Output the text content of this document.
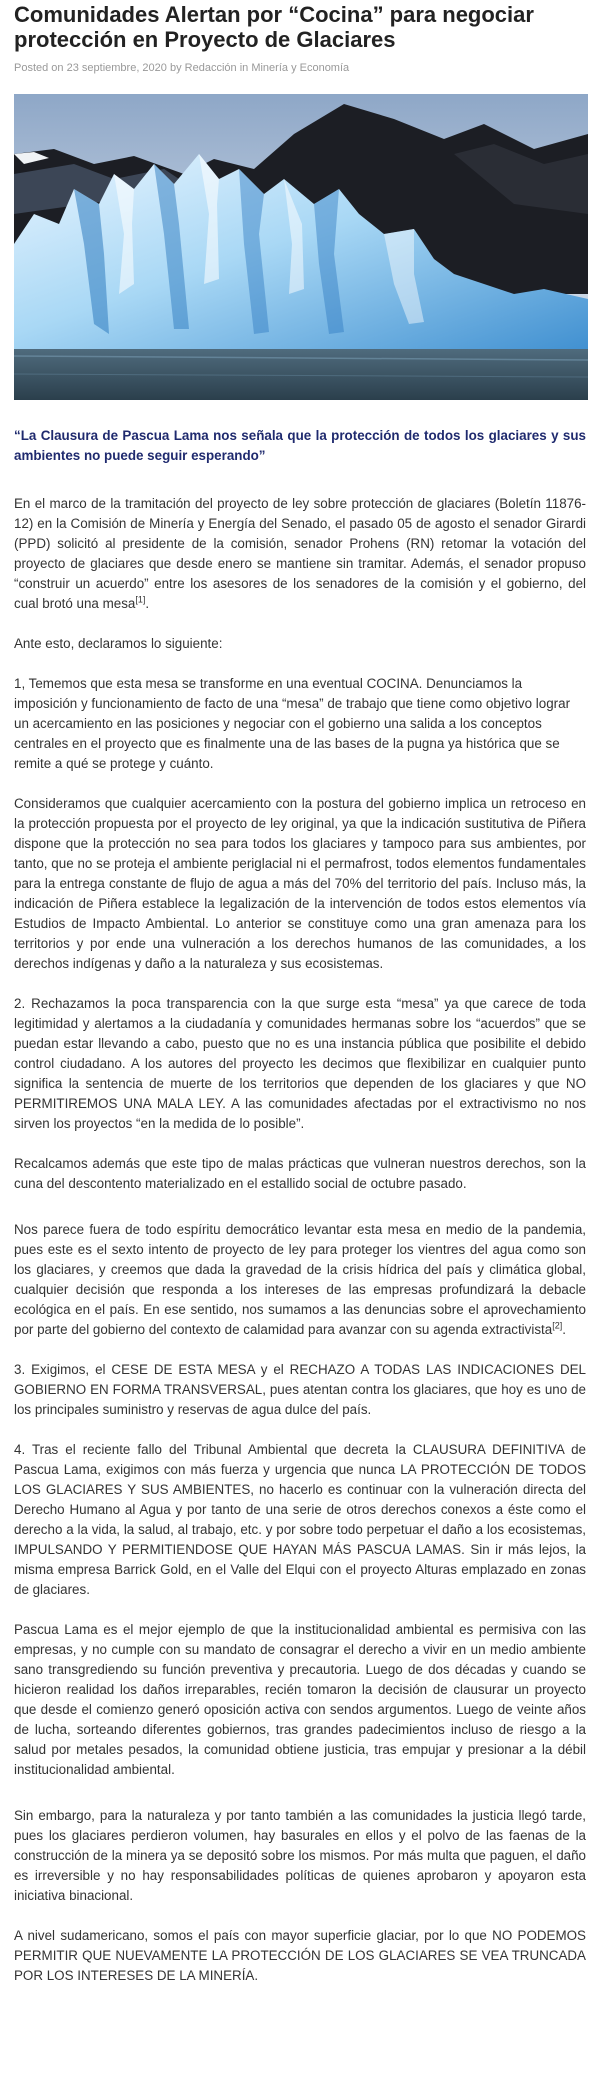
Comunidades Alertan por “Cocina” para negociar protección en Proyecto de Glaciares
Posted on 23 septiembre, 2020 by Redacción in Minería y Economía

“La Clausura de Pascua Lama nos señala que la protección de todos los glaciares y sus ambientes no puede seguir esperando”

En el marco de la tramitación del proyecto de ley sobre protección de glaciares (Boletín 11876-12) en la Comisión de Minería y Energía del Senado, el pasado 05 de agosto el senador Girardi (PPD) solicitó al presidente de la comisión, senador Prohens (RN) retomar la votación del proyecto de glaciares que desde enero se mantiene sin tramitar. Además, el senador propuso “construir un acuerdo” entre los asesores de los senadores de la comisión y el gobierno, del cual brotó una mesa[1].

Ante esto, declaramos lo siguiente:

1, Tememos que esta mesa se transforme en una eventual COCINA. Denunciamos la imposición y funcionamiento de facto de una “mesa” de trabajo que tiene como objetivo lograr un acercamiento en las posiciones y negociar con el gobierno una salida a los conceptos centrales en el proyecto que es finalmente una de las bases de la pugna ya histórica que se remite a qué se protege y cuánto.

Consideramos que cualquier acercamiento con la postura del gobierno implica un retroceso en la protección propuesta por el proyecto de ley original, ya que la indicación sustitutiva de Piñera dispone que la protección no sea para todos los glaciares y tampoco para sus ambientes, por tanto, que no se proteja el ambiente periglacial ni el permafrost, todos elementos fundamentales para la entrega constante de flujo de agua a más del 70% del territorio del país. Incluso más, la indicación de Piñera establece la legalización de la intervención de todos estos elementos vía Estudios de Impacto Ambiental. Lo anterior se constituye como una gran amenaza para los territorios y por ende una vulneración a los derechos humanos de las comunidades, a los derechos indígenas y daño a la naturaleza y sus ecosistemas.

2. Rechazamos la poca transparencia con la que surge esta “mesa” ya que carece de toda legitimidad y alertamos a la ciudadanía y comunidades hermanas sobre los “acuerdos” que se puedan estar llevando a cabo, puesto que no es una instancia pública que posibilite el debido control ciudadano. A los autores del proyecto les decimos que flexibilizar en cualquier punto significa la sentencia de muerte de los territorios que dependen de los glaciares y que NO PERMITIREMOS UNA MALA LEY. A las comunidades afectadas por el extractivismo no nos sirven los proyectos “en la medida de lo posible”.

Recalcamos además que este tipo de malas prácticas que vulneran nuestros derechos, son la cuna del descontento materializado en el estallido social de octubre pasado.

Nos parece fuera de todo espíritu democrático levantar esta mesa en medio de la pandemia, pues este es el sexto intento de proyecto de ley para proteger los vientres del agua como son los glaciares, y creemos que dada la gravedad de la crisis hídrica del país y climática global, cualquier decisión que responda a los intereses de las empresas profundizará la debacle ecológica en el país. En ese sentido, nos sumamos a las denuncias sobre el aprovechamiento por parte del gobierno del contexto de calamidad para avanzar con su agenda extractivista[2].

3. Exigimos, el CESE DE ESTA MESA y el RECHAZO A TODAS LAS INDICACIONES DEL GOBIERNO EN FORMA TRANSVERSAL, pues atentan contra los glaciares, que hoy es uno de los principales suministro y reservas de agua dulce del país.

4. Tras el reciente fallo del Tribunal Ambiental que decreta la CLAUSURA DEFINITIVA de Pascua Lama, exigimos con más fuerza y urgencia que nunca LA PROTECCIÓN DE TODOS LOS GLACIARES Y SUS AMBIENTES, no hacerlo es continuar con la vulneración directa del Derecho Humano al Agua y por tanto de una serie de otros derechos conexos a éste como el derecho a la vida, la salud, al trabajo, etc. y por sobre todo perpetuar el daño a los ecosistemas, IMPULSANDO Y PERMITIENDOSE QUE HAYAN MÁS PASCUA LAMAS. Sin ir más lejos, la misma empresa Barrick Gold, en el Valle del Elqui con el proyecto Alturas emplazado en zonas de glaciares.

Pascua Lama es el mejor ejemplo de que la institucionalidad ambiental es permisiva con las empresas, y no cumple con su mandato de consagrar el derecho a vivir en un medio ambiente sano transgrediendo su función preventiva y precautoria. Luego de dos décadas y cuando se hicieron realidad los daños irreparables, recién tomaron la decisión de clausurar un proyecto que desde el comienzo generó oposición activa con sendos argumentos. Luego de veinte años de lucha, sorteando diferentes gobiernos, tras grandes padecimientos incluso de riesgo a la salud por metales pesados, la comunidad obtiene justicia, tras empujar y presionar a la débil institucionalidad ambiental.

Sin embargo, para la naturaleza y por tanto también a las comunidades la justicia llegó tarde, pues los glaciares perdieron volumen, hay basurales en ellos y el polvo de las faenas de la construcción de la minera ya se depositó sobre los mismos. Por más multa que paguen, el daño es irreversible y no hay responsabilidades políticas de quienes aprobaron y apoyaron esta iniciativa binacional.

A nivel sudamericano, somos el país con mayor superficie glaciar, por lo que NO PODEMOS PERMITIR QUE NUEVAMENTE LA PROTECCIÓN DE LOS GLACIARES SE VEA TRUNCADA POR LOS INTERESES DE LA MINERÍA.
